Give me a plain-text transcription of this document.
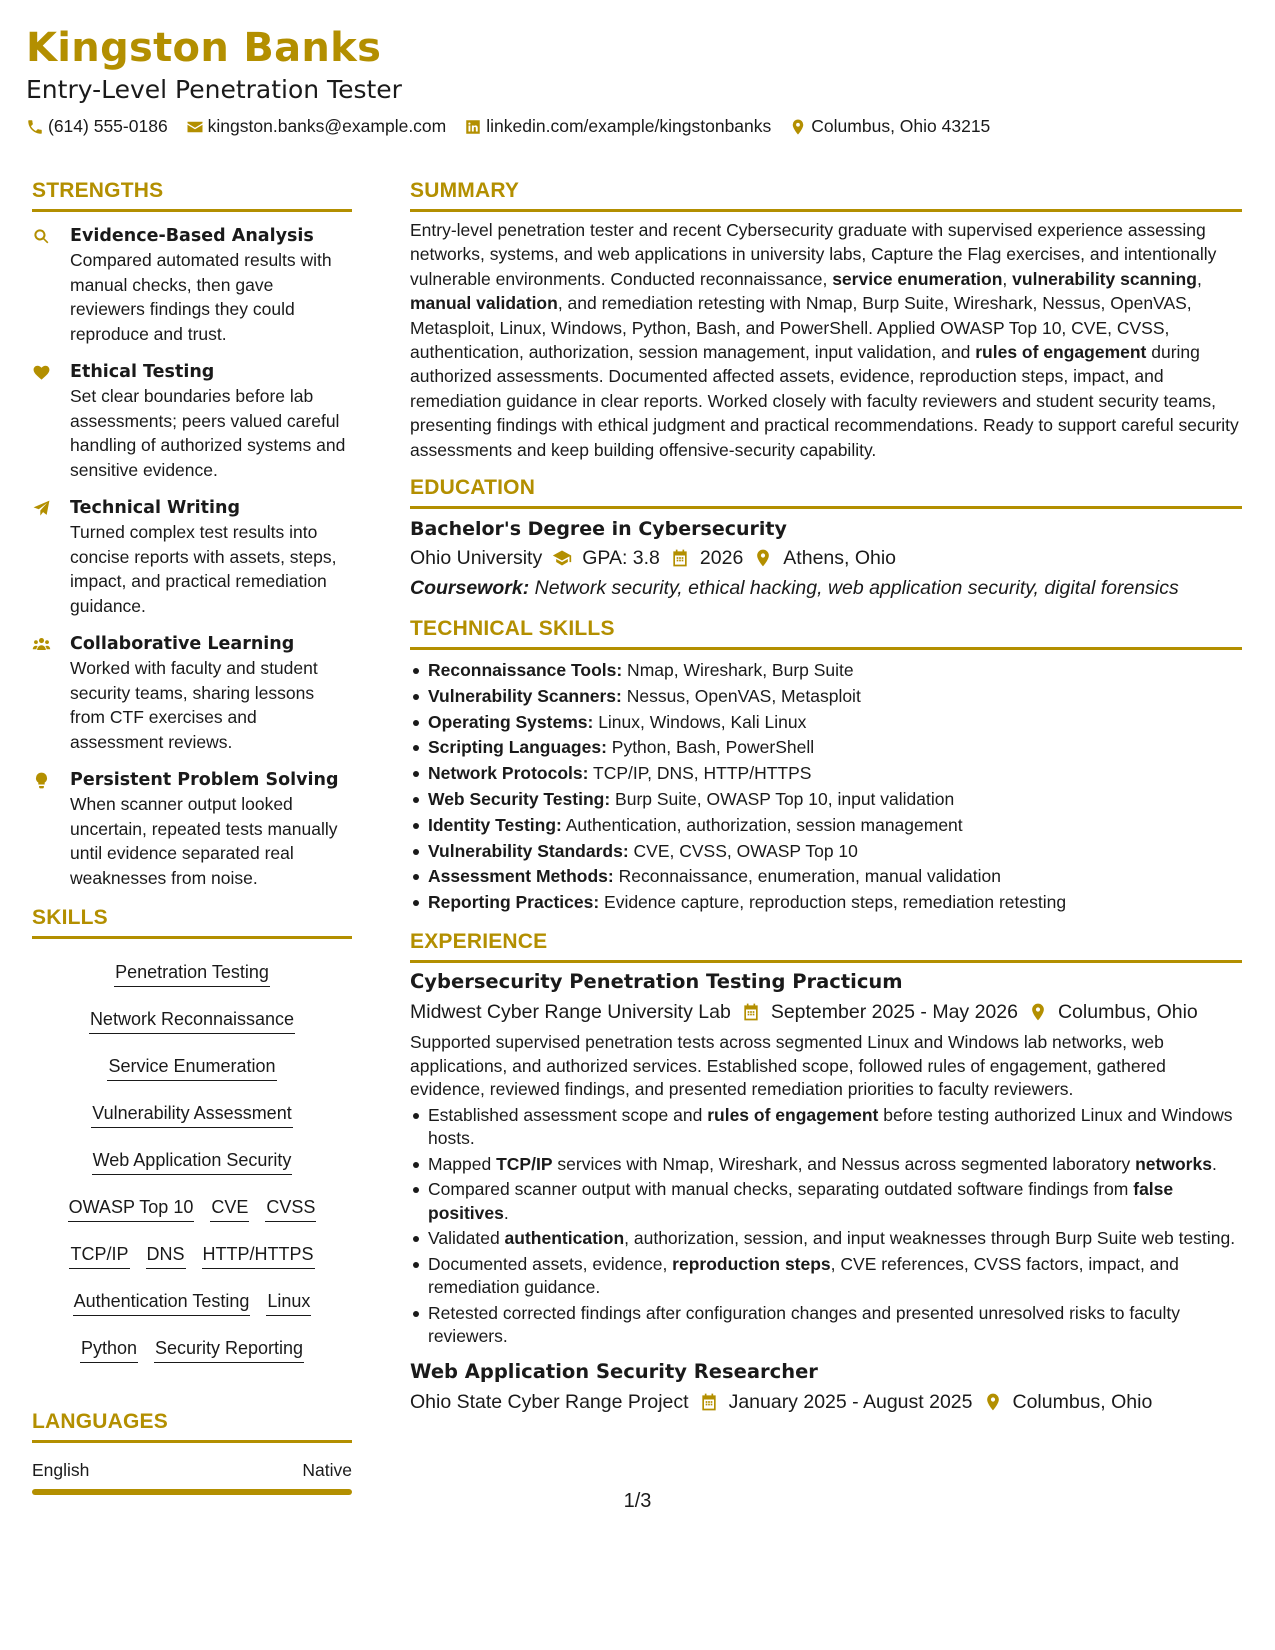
Kingston Banks
Entry-Level Penetration Tester
(614) 555-0186 kingston.banks@example.com linkedin.com/example/kingstonbanks Columbus, Ohio 43215
STRENGTHS
Evidence-Based Analysis
Compared automated results with manual checks, then gave reviewers findings they could reproduce and trust.
Ethical Testing
Set clear boundaries before lab assessments; peers valued careful handling of authorized systems and sensitive evidence.
Technical Writing
Turned complex test results into concise reports with assets, steps, impact, and practical remediation guidance.
Collaborative Learning
Worked with faculty and student security teams, sharing lessons from CTF exercises and assessment reviews.
Persistent Problem Solving
When scanner output looked uncertain, repeated tests manually until evidence separated real weaknesses from noise.
SKILLS
Penetration Testing
Network Reconnaissance
Service Enumeration
Vulnerability Assessment
Web Application Security
OWASP Top 10 CVE CVSS
TCP/IP DNS HTTP/HTTPS
Authentication Testing Linux
Python Security Reporting
LANGUAGES
English	Native
SUMMARY
Entry-level penetration tester and recent Cybersecurity graduate with supervised experience assessing networks, systems, and web applications in university labs, Capture the Flag exercises, and intentionally vulnerable environments. Conducted reconnaissance, service enumeration, vulnerability scanning, manual validation, and remediation retesting with Nmap, Burp Suite, Wireshark, Nessus, OpenVAS, Metasploit, Linux, Windows, Python, Bash, and PowerShell. Applied OWASP Top 10, CVE, CVSS, authentication, authorization, session management, input validation, and rules of engagement during authorized assessments. Documented affected assets, evidence, reproduction steps, impact, and remediation guidance in clear reports. Worked closely with faculty reviewers and student security teams, presenting findings with ethical judgment and practical recommendations. Ready to support careful security assessments and keep building offensive-security capability.
EDUCATION
Bachelor's Degree in Cybersecurity
Ohio University GPA: 3.8 2026 Athens, Ohio
Coursework: Network security, ethical hacking, web application security, digital forensics
TECHNICAL SKILLS
Reconnaissance Tools: Nmap, Wireshark, Burp Suite
Vulnerability Scanners: Nessus, OpenVAS, Metasploit
Operating Systems: Linux, Windows, Kali Linux
Scripting Languages: Python, Bash, PowerShell
Network Protocols: TCP/IP, DNS, HTTP/HTTPS
Web Security Testing: Burp Suite, OWASP Top 10, input validation
Identity Testing: Authentication, authorization, session management
Vulnerability Standards: CVE, CVSS, OWASP Top 10
Assessment Methods: Reconnaissance, enumeration, manual validation
Reporting Practices: Evidence capture, reproduction steps, remediation retesting
EXPERIENCE
Cybersecurity Penetration Testing Practicum
Midwest Cyber Range University Lab September 2025 - May 2026 Columbus, Ohio
Supported supervised penetration tests across segmented Linux and Windows lab networks, web applications, and authorized services. Established scope, followed rules of engagement, gathered evidence, reviewed findings, and presented remediation priorities to faculty reviewers.
Established assessment scope and rules of engagement before testing authorized Linux and Windows hosts.
Mapped TCP/IP services with Nmap, Wireshark, and Nessus across segmented laboratory networks.
Compared scanner output with manual checks, separating outdated software findings from false positives.
Validated authentication, authorization, session, and input weaknesses through Burp Suite web testing.
Documented assets, evidence, reproduction steps, CVE references, CVSS factors, impact, and remediation guidance.
Retested corrected findings after configuration changes and presented unresolved risks to faculty reviewers.
Web Application Security Researcher
Ohio State Cyber Range Project January 2025 - August 2025 Columbus, Ohio
1/3
